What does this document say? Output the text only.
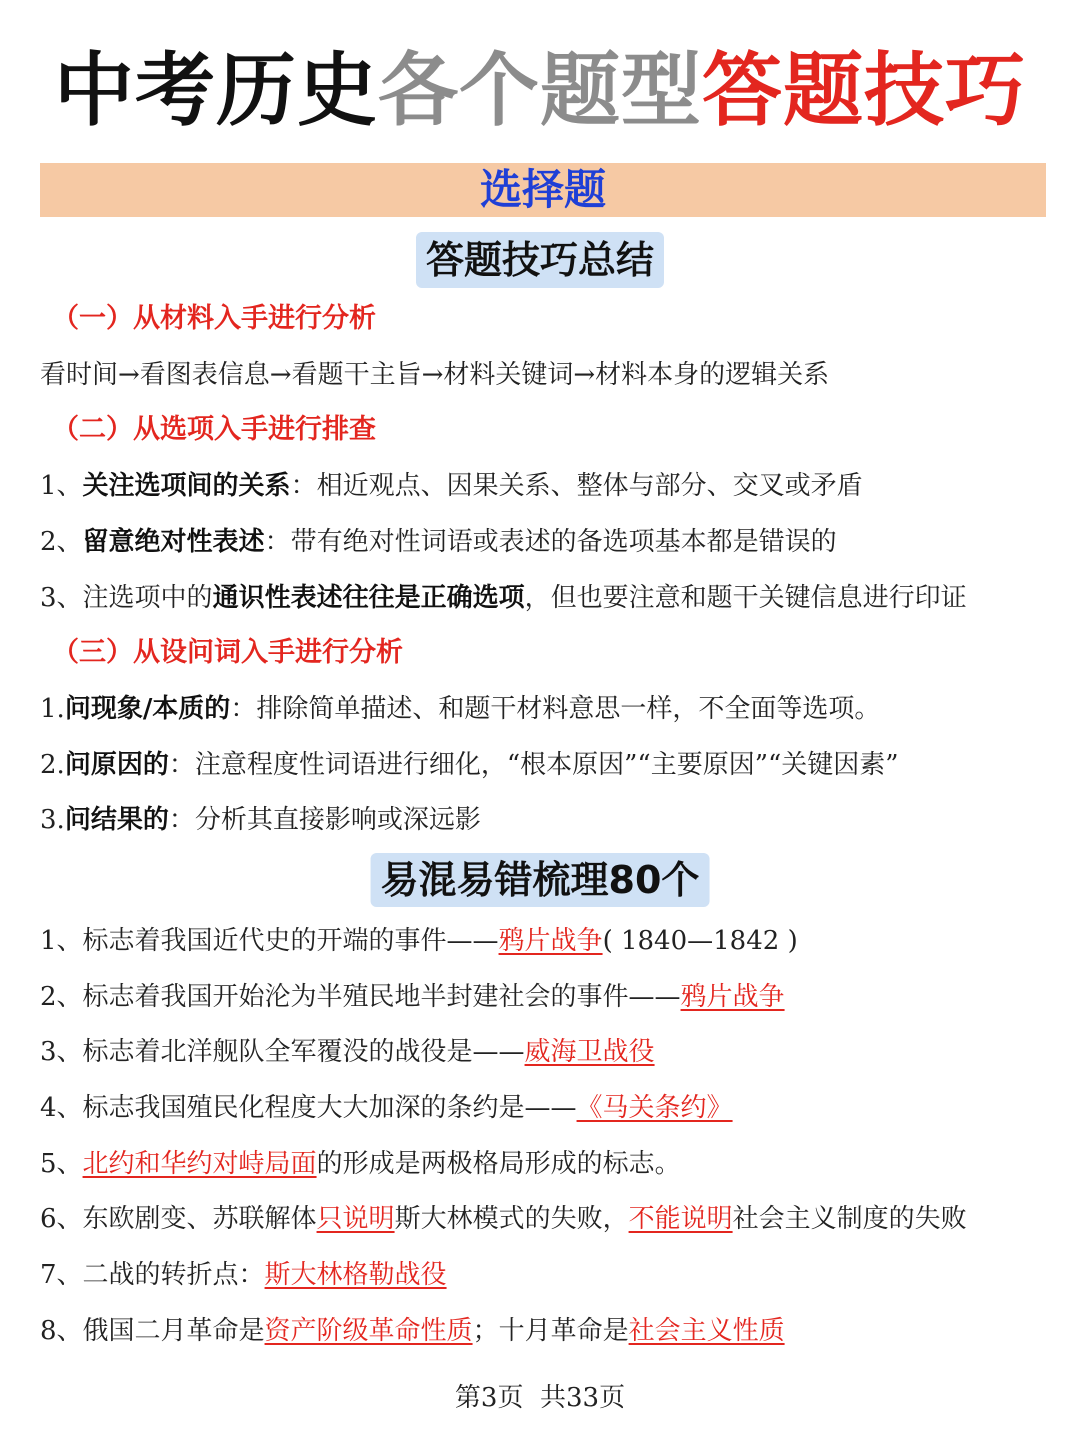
中考历史各个题型答题技巧
选择题
答题技巧总结
（一）从材料入手进行分析
看时间→看图表信息→看题干主旨→材料关键词→材料本身的逻辑关系
（二）从选项入手进行排查
1、关注选项间的关系：相近观点、因果关系、整体与部分、交叉或矛盾
2、留意绝对性表述：带有绝对性词语或表述的备选项基本都是错误的
3、注选项中的通识性表述往往是正确选项，但也要注意和题干关键信息进行印证
（三）从设问词入手进行分析
1.问现象/本质的：排除简单描述、和题干材料意思一样，不全面等选项。
2.问原因的：注意程度性词语进行细化，“根本原因”“主要原因”“关键因素”
3.问结果的：分析其直接影响或深远影
易混易错梳理80个
1、标志着我国近代史的开端的事件——鸦片战争( 1840—1842 )
2、标志着我国开始沦为半殖民地半封建社会的事件——鸦片战争
3、标志着北洋舰队全军覆没的战役是——威海卫战役
4、标志我国殖民化程度大大加深的条约是——《马关条约》
5、北约和华约对峙局面的形成是两极格局形成的标志。
6、东欧剧变、苏联解体只说明斯大林模式的失败，不能说明社会主义制度的失败
7、二战的转折点：斯大林格勒战役
8、俄国二月革命是资产阶级革命性质；十月革命是社会主义性质
第3页 共33页
